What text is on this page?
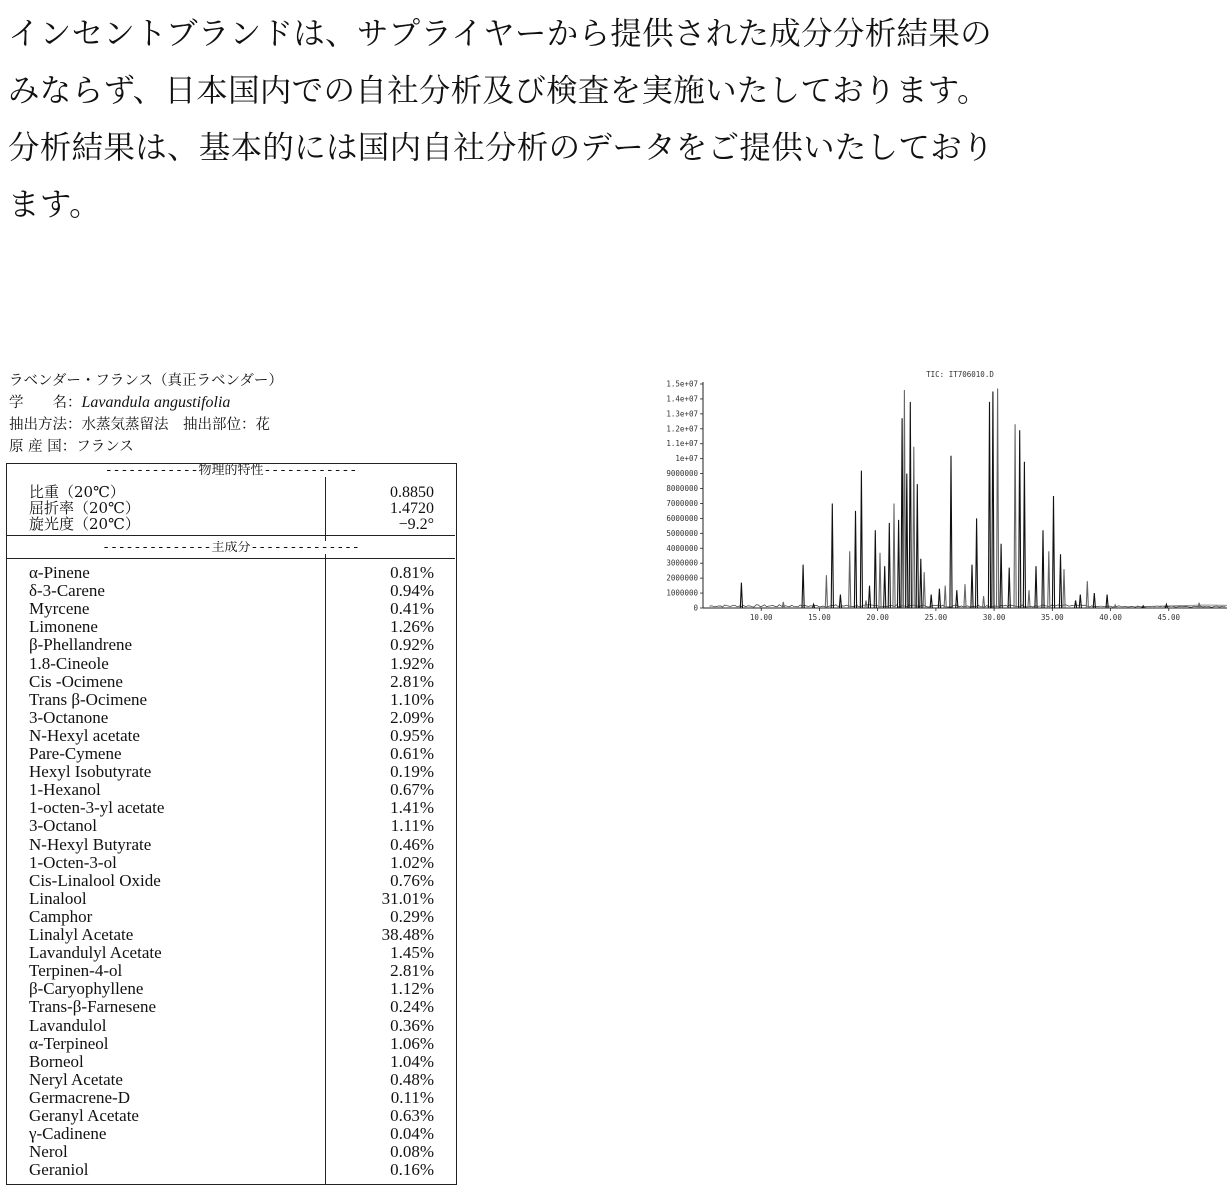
インセントブランドは、サプライヤーから提供された成分分析結果の
みならず、日本国内での自社分析及び検査を実施いたしております。
分析結果は、基本的には国内自社分析のデータをご提供いたしており
ます。
ラベンダー・フランス（真正ラベンダー）
学　　名：Lavandula angustifolia
抽出方法：水蒸気蒸留法　抽出部位：花
原 産 国：フランス
------------物理的特性------------
比重（20℃）	0.8850
屈折率（20℃）	1.4720
旋光度（20℃）	−9.2°
--------------主成分--------------
α-Pinene	0.81%
δ-3-Carene	0.94%
Myrcene	0.41%
Limonene	1.26%
β-Phellandrene	0.92%
1.8-Cineole	1.92%
Cis -Ocimene	2.81%
Trans β-Ocimene	1.10%
3-Octanone	2.09%
N-Hexyl acetate	0.95%
Pare-Cymene	0.61%
Hexyl Isobutyrate	0.19%
1-Hexanol	0.67%
1-octen-3-yl acetate	1.41%
3-Octanol	1.11%
N-Hexyl Butyrate	0.46%
1-Octen-3-ol	1.02%
Cis-Linalool Oxide	0.76%
Linalool	31.01%
Camphor	0.29%
Linalyl Acetate	38.48%
Lavandulyl Acetate	1.45%
Terpinen-4-ol	2.81%
β-Caryophyllene	1.12%
Trans-β-Farnesene	0.24%
Lavandulol	0.36%
α-Terpineol	1.06%
Borneol	1.04%
Neryl Acetate	0.48%
Germacrene-D	0.11%
Geranyl Acetate	0.63%
γ-Cadinene	0.04%
Nerol	0.08%
Geraniol	0.16%
TIC: IT706010.D
1.5e+07
1.4e+07
1.3e+07
1.2e+07
1.1e+07
1e+07
9000000
8000000
7000000
6000000
5000000
4000000
3000000
2000000
1000000
0
10.00	15.00	20.00	25.00	30.00	35.00	40.00	45.00
